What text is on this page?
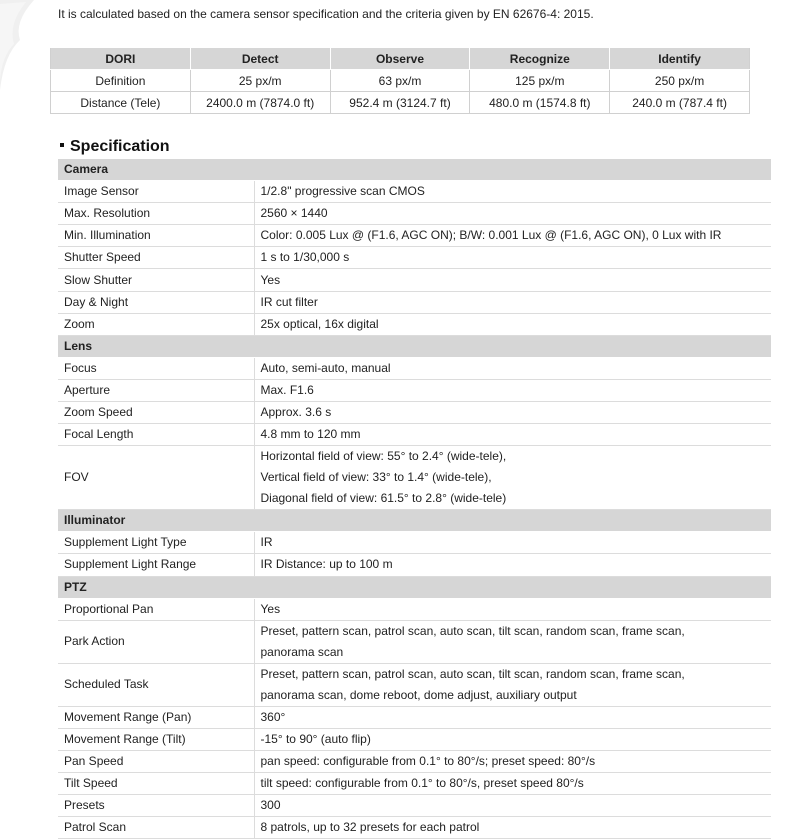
It is calculated based on the camera sensor specification and the criteria given by EN 62676-4: 2015.
DORI	Detect	Observe	Recognize	Identify
Definition	25 px/m	63 px/m	125 px/m	250 px/m
Distance (Tele)	2400.0 m (7874.0 ft)	952.4 m (3124.7 ft)	480.0 m (1574.8 ft)	240.0 m (787.4 ft)
Specification
Camera	
Image Sensor	1/2.8" progressive scan CMOS
Max. Resolution	2560 × 1440
Min. Illumination	Color: 0.005 Lux @ (F1.6, AGC ON); B/W: 0.001 Lux @ (F1.6, AGC ON), 0 Lux with IR
Shutter Speed	1 s to 1/30,000 s
Slow Shutter	Yes
Day & Night	IR cut filter
Zoom	25x optical, 16x digital
Lens	
Focus	Auto, semi-auto, manual
Aperture	Max. F1.6
Zoom Speed	Approx. 3.6 s
Focal Length	4.8 mm to 120 mm
FOV	Horizontal field of view: 55° to 2.4° (wide-tele),
Vertical field of view: 33° to 1.4° (wide-tele),
Diagonal field of view: 61.5° to 2.8° (wide-tele)

Illuminator	
Supplement Light Type	IR
Supplement Light Range	IR Distance: up to 100 m
PTZ	
Proportional Pan	Yes
Park Action	Preset, pattern scan, patrol scan, auto scan, tilt scan, random scan, frame scan,
panorama scan

Scheduled Task	Preset, pattern scan, patrol scan, auto scan, tilt scan, random scan, frame scan,
panorama scan, dome reboot, dome adjust, auxiliary output

Movement Range (Pan)	360°
Movement Range (Tilt)	-15° to 90° (auto flip)
Pan Speed	pan speed: configurable from 0.1° to 80°/s; preset speed: 80°/s
Tilt Speed	tilt speed: configurable from 0.1° to 80°/s, preset speed 80°/s
Presets	300
Patrol Scan	8 patrols, up to 32 presets for each patrol
